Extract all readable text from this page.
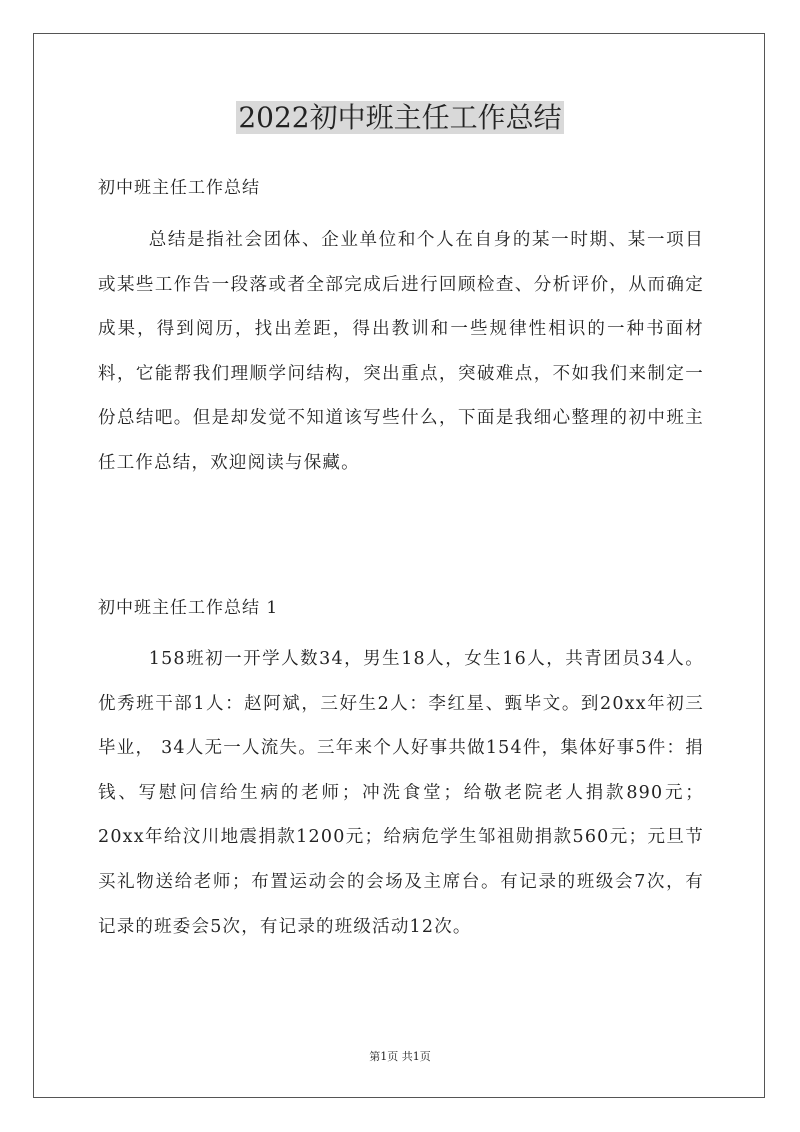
2022初中班主任工作总结
初中班主任工作总结

总结是指社会团体、企业单位和个人在自身的某一时期、某一项目或某些工作告一段落或者全部完成后进行回顾检查、分析评价，从而确定成果，得到阅历，找出差距，得出教训和一些规律性相识的一种书面材料，它能帮我们理顺学问结构，突出重点，突破难点，不如我们来制定一份总结吧。但是却发觉不知道该写些什么，下面是我细心整理的初中班主任工作总结，欢迎阅读与保藏。

初中班主任工作总结 1

158班初一开学人数34，男生18人，女生16人，共青团员34人。优秀班干部1人：赵阿斌，三好生2人：李红星、甄毕文。到20xx年初三毕业， 34人无一人流失。三年来个人好事共做154件，集体好事5件：捐钱、写慰问信给生病的老师；冲洗食堂；给敬老院老人捐款890元；20xx年给汶川地震捐款1200元；给病危学生邹祖勋捐款560元；元旦节买礼物送给老师；布置运动会的会场及主席台。有记录的班级会7次，有记录的班委会5次，有记录的班级活动12次。

第1页 共1页
